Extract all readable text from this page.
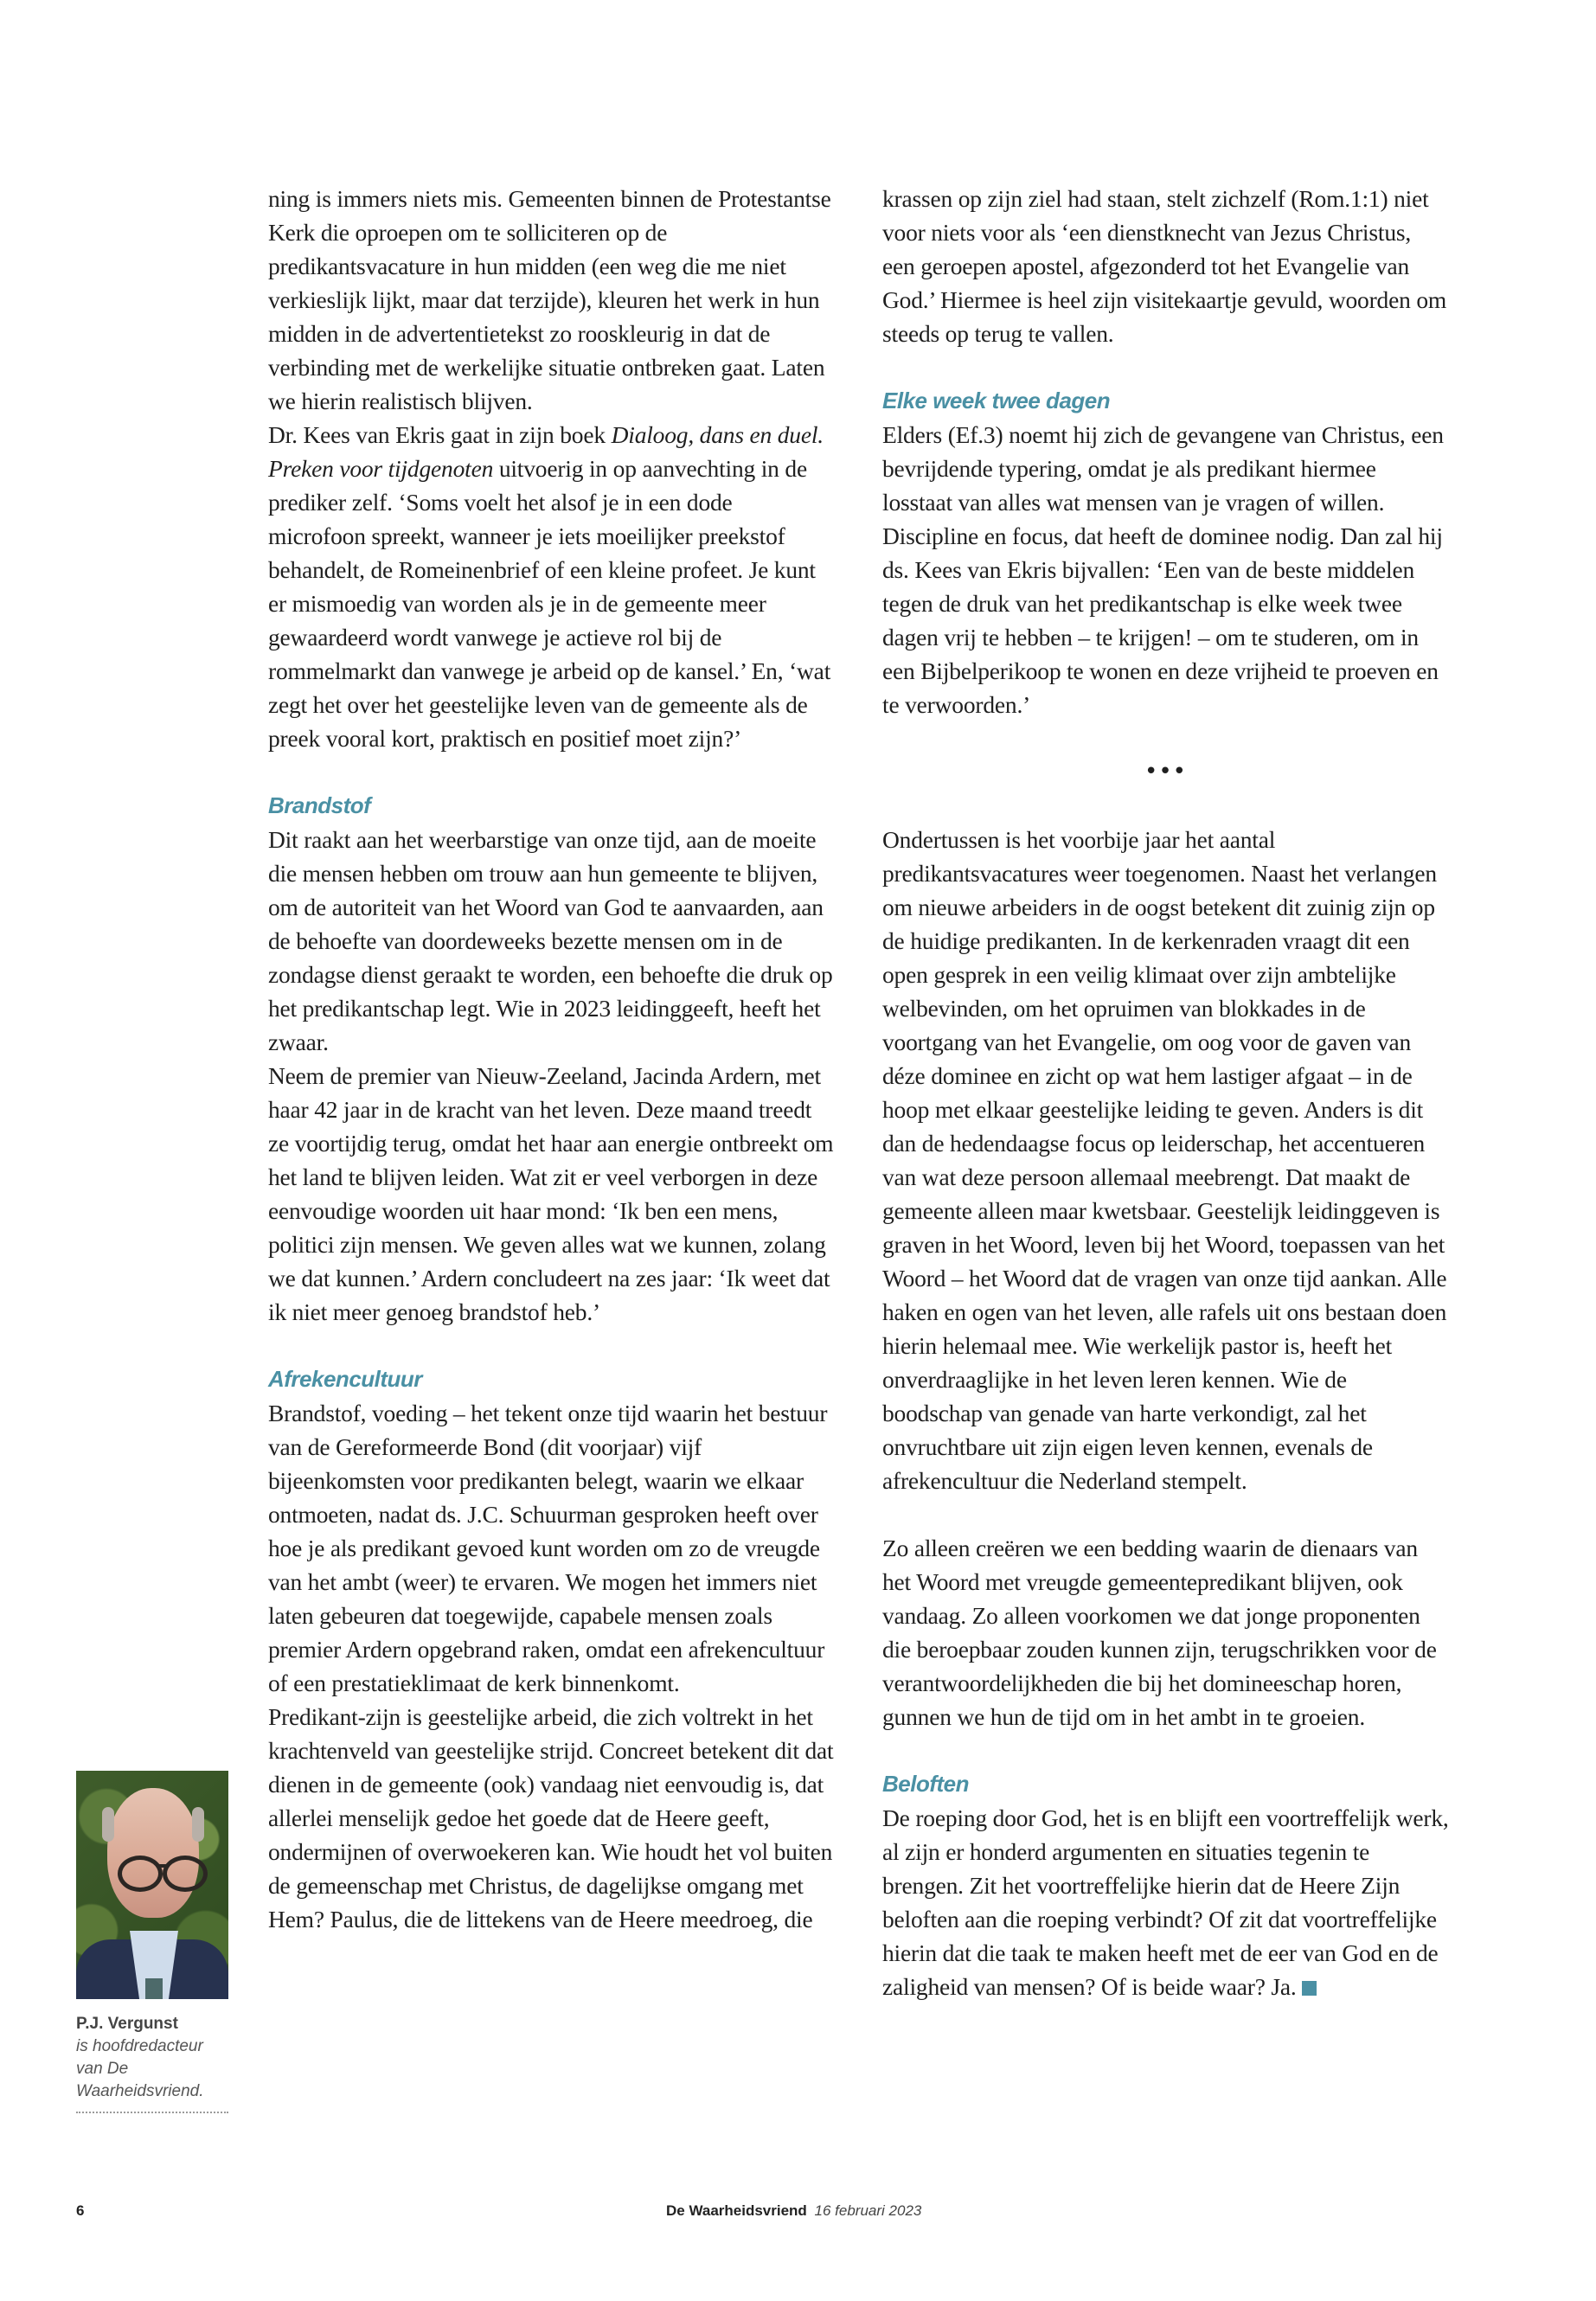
ning is immers niets mis. Gemeenten binnen de Protestantse Kerk die oproepen om te solliciteren op de predikantsvacature in hun midden (een weg die me niet verkieslijk lijkt, maar dat terzijde), kleuren het werk in hun midden in de advertentietekst zo rooskleurig in dat de verbinding met de werkelijke situatie ontbreken gaat. Laten we hierin realistisch blijven.

Dr. Kees van Ekris gaat in zijn boek Dialoog, dans en duel. Preken voor tijdgenoten uitvoerig in op aanvechting in de prediker zelf. ‘Soms voelt het alsof je in een dode microfoon spreekt, wanneer je iets moeilijker preekstof behandelt, de Romeinenbrief of een kleine profeet. Je kunt er mismoedig van worden als je in de gemeente meer gewaardeerd wordt vanwege je actieve rol bij de rommelmarkt dan vanwege je arbeid op de kansel.’ En, ‘wat zegt het over het geestelijke leven van de gemeente als de preek vooral kort, praktisch en positief moet zijn?’

Brandstof

Dit raakt aan het weerbarstige van onze tijd, aan de moeite die mensen hebben om trouw aan hun gemeente te blijven, om de autoriteit van het Woord van God te aanvaarden, aan de behoefte van doordeweeks bezette mensen om in de zondagse dienst geraakt te worden, een behoefte die druk op het predikantschap legt. Wie in 2023 leidinggeeft, heeft het zwaar.

Neem de premier van Nieuw-Zeeland, Jacinda Ardern, met haar 42 jaar in de kracht van het leven. Deze maand treedt ze voortijdig terug, omdat het haar aan energie ontbreekt om het land te blijven leiden. Wat zit er veel verborgen in deze eenvoudige woorden uit haar mond: ‘Ik ben een mens, politici zijn mensen. We geven alles wat we kunnen, zolang we dat kunnen.’ Ardern concludeert na zes jaar: ‘Ik weet dat ik niet meer genoeg brandstof heb.’

Afrekencultuur

Brandstof, voeding – het tekent onze tijd waarin het bestuur van de Gereformeerde Bond (dit voorjaar) vijf bijeenkomsten voor predikanten belegt, waarin we elkaar ontmoeten, nadat ds. J.C. Schuurman gesproken heeft over hoe je als predikant gevoed kunt worden om zo de vreugde van het ambt (weer) te ervaren. We mogen het immers niet laten gebeuren dat toegewijde, capabele mensen zoals premier Ardern opgebrand raken, omdat een afrekencultuur of een prestatieklimaat de kerk binnenkomt.

Predikant-zijn is geestelijke arbeid, die zich voltrekt in het krachtenveld van geestelijke strijd. Concreet betekent dit dat dienen in de gemeente (ook) vandaag niet eenvoudig is, dat allerlei menselijk gedoe het goede dat de Heere geeft, ondermijnen of overwoekeren kan. Wie houdt het vol buiten de gemeenschap met Christus, de dagelijkse omgang met Hem? Paulus, die de littekens van de Heere meedroeg, die

krassen op zijn ziel had staan, stelt zichzelf (Rom.1:1) niet voor niets voor als ‘een dienstknecht van Jezus Christus, een geroepen apostel, afgezonderd tot het Evangelie van God.’ Hiermee is heel zijn visitekaartje gevuld, woorden om steeds op terug te vallen.

Elke week twee dagen

Elders (Ef.3) noemt hij zich de gevangene van Christus, een bevrijdende typering, omdat je als predikant hiermee losstaat van alles wat mensen van je vragen of willen. Discipline en focus, dat heeft de dominee nodig. Dan zal hij ds. Kees van Ekris bijvallen: ‘Een van de beste middelen tegen de druk van het predikantschap is elke week twee dagen vrij te hebben – te krijgen! – om te studeren, om in een Bijbelperikoop te wonen en deze vrijheid te proeven en te verwoorden.’

•••

Ondertussen is het voorbije jaar het aantal predikantsvacatures weer toegenomen. Naast het verlangen om nieuwe arbeiders in de oogst betekent dit zuinig zijn op de huidige predikanten. In de kerkenraden vraagt dit een open gesprek in een veilig klimaat over zijn ambtelijke welbevinden, om het opruimen van blokkades in de voortgang van het Evangelie, om oog voor de gaven van déze dominee en zicht op wat hem lastiger afgaat – in de hoop met elkaar geestelijke leiding te geven. Anders is dit dan de hedendaagse focus op leiderschap, het accentueren van wat deze persoon allemaal meebrengt. Dat maakt de gemeente alleen maar kwetsbaar. Geestelijk leidinggeven is graven in het Woord, leven bij het Woord, toepassen van het Woord – het Woord dat de vragen van onze tijd aankan. Alle haken en ogen van het leven, alle rafels uit ons bestaan doen hierin helemaal mee. Wie werkelijk pastor is, heeft het onverdraaglijke in het leven leren kennen. Wie de boodschap van genade van harte verkondigt, zal het onvruchtbare uit zijn eigen leven kennen, evenals de afrekencultuur die Nederland stempelt.

Zo alleen creëren we een bedding waarin de dienaars van het Woord met vreugde gemeentepredikant blijven, ook vandaag. Zo alleen voorkomen we dat jonge proponenten die beroepbaar zouden kunnen zijn, terugschrikken voor de verantwoordelijkheden die bij het domineeschap horen, gunnen we hun de tijd om in het ambt in te groeien.

Beloften

De roeping door God, het is en blijft een voortreffelijk werk, al zijn er honderd argumenten en situaties tegenin te brengen. Zit het voortreffelijke hierin dat de Heere Zijn beloften aan die roeping verbindt? Of zit dat voortreffelijke hierin dat die taak te maken heeft met de eer van God en de zaligheid van mensen? Of is beide waar? Ja.

P.J. Vergunst
is hoofdredacteur van De Waarheidsvriend.
6	De Waarheidsvriend 16 februari 2023
